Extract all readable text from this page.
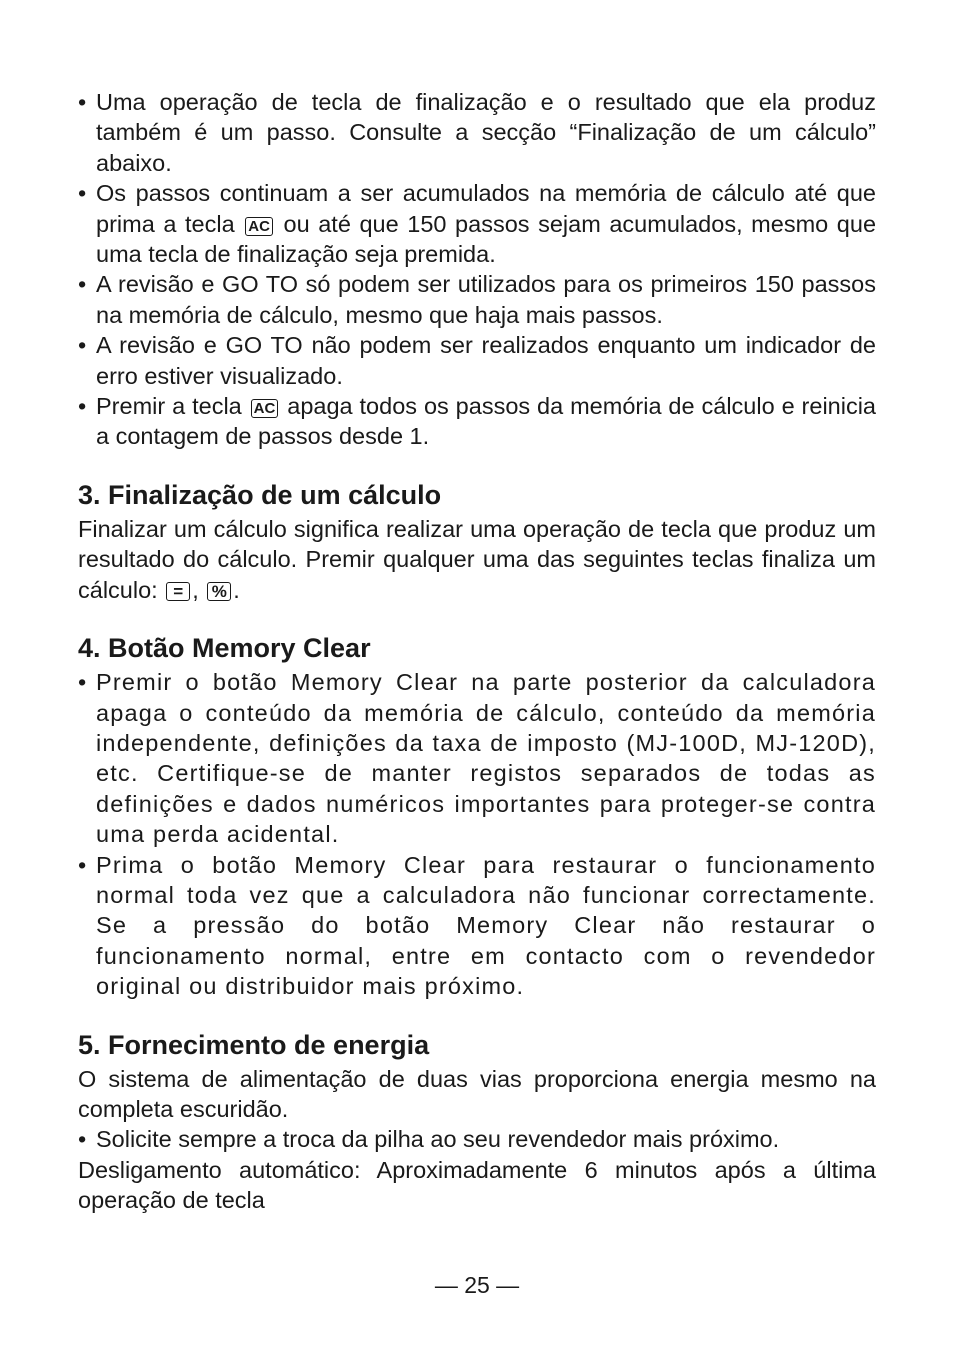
• Uma operação de tecla de finalização e o resultado que ela produz também é um passo. Consulte a secção “Finalização de um cálculo” abaixo.

• Os passos continuam a ser acumulados na memória de cálculo até que prima a tecla AC ou até que 150 passos sejam acumulados, mesmo que uma tecla de finalização seja premida.

• A revisão e GO TO só podem ser utilizados para os primeiros 150 passos na memória de cálculo, mesmo que haja mais passos.

• A revisão e GO TO não podem ser realizados enquanto um indicador de erro estiver visualizado.

• Premir a tecla AC apaga todos os passos da memória de cálculo e reinicia a contagem de passos desde 1.

3. Finalização de um cálculo

Finalizar um cálculo significa realizar uma operação de tecla que produz um resultado do cálculo. Premir qualquer uma das seguintes teclas finaliza um cálculo: = , % .

4. Botão Memory Clear

• Premir o botão Memory Clear na parte posterior da calculadora apaga o conteúdo da memória de cálculo, conteúdo da memória independente, definições da taxa de imposto (MJ-100D, MJ-120D), etc. Certifique-se de manter registos separados de todas as definições e dados numéricos importantes para proteger-se contra uma perda acidental.

• Prima o botão Memory Clear para restaurar o funcionamento normal toda vez que a calculadora não funcionar correctamente. Se a pressão do botão Memory Clear não restaurar o funcionamento normal, entre em contacto com o revendedor original ou distribuidor mais próximo.

5. Fornecimento de energia

O sistema de alimentação de duas vias proporciona energia mesmo na completa escuridão.

• Solicite sempre a troca da pilha ao seu revendedor mais próximo.

Desligamento automático: Aproximadamente 6 minutos após a última operação de tecla

— 25 —
